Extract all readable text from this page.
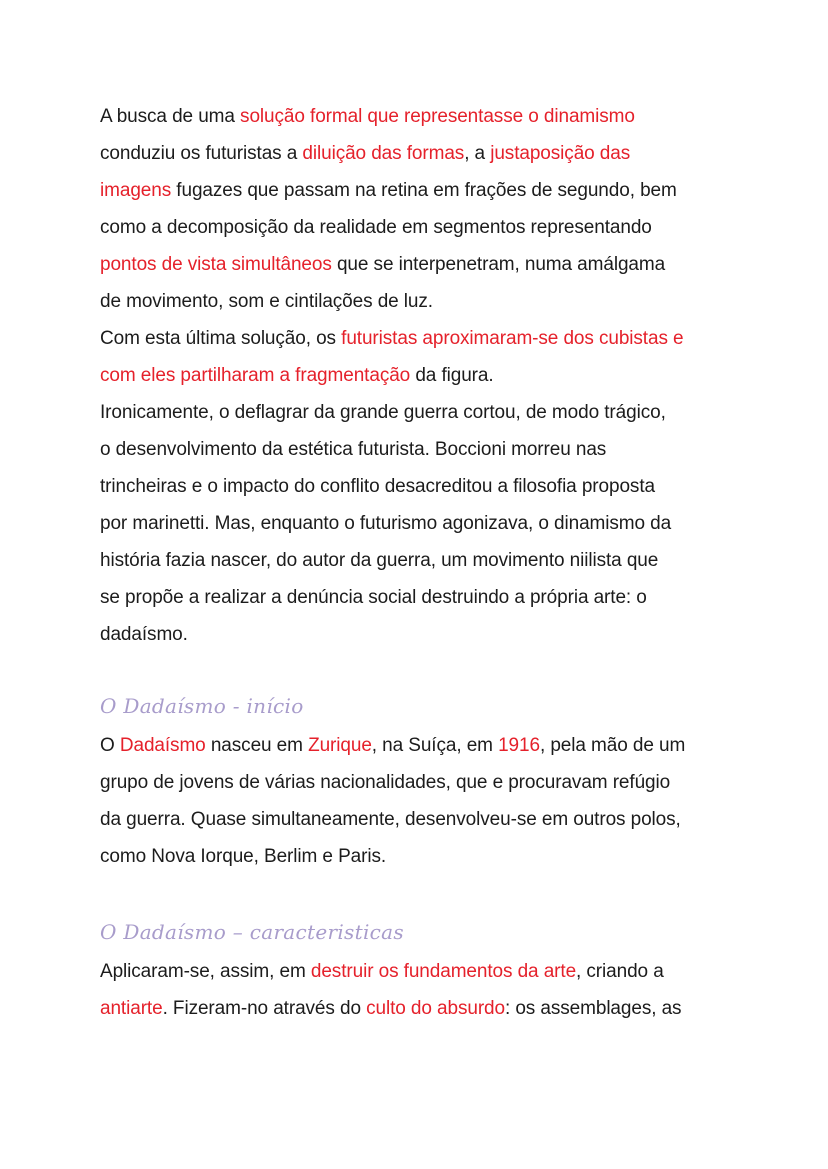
A busca de uma solução formal que representasse o dinamismo
conduziu os futuristas a diluição das formas, a justaposição das
imagens fugazes que passam na retina em frações de segundo, bem
como a decomposição da realidade em segmentos representando
pontos de vista simultâneos que se interpenetram, numa amálgama
de movimento, som e cintilações de luz.
Com esta última solução, os futuristas aproximaram-se dos cubistas e
com eles partilharam a fragmentação da figura.
Ironicamente, o deflagrar da grande guerra cortou, de modo trágico,
o desenvolvimento da estética futurista. Boccioni morreu nas
trincheiras e o impacto do conflito desacreditou a filosofia proposta
por marinetti. Mas, enquanto o futurismo agonizava, o dinamismo da
história fazia nascer, do autor da guerra, um movimento niilista que
se propõe a realizar a denúncia social destruindo a própria arte: o
dadaísmo.
O Dadaísmo - início
O Dadaísmo nasceu em Zurique, na Suíça, em 1916, pela mão de um
grupo de jovens de várias nacionalidades, que e procuravam refúgio
da guerra. Quase simultaneamente, desenvolveu-se em outros polos,
como Nova Iorque, Berlim e Paris.
O Dadaísmo – caracteristicas
Aplicaram-se, assim, em destruir os fundamentos da arte, criando a
antiarte. Fizeram-no através do culto do absurdo: os assemblages, as
